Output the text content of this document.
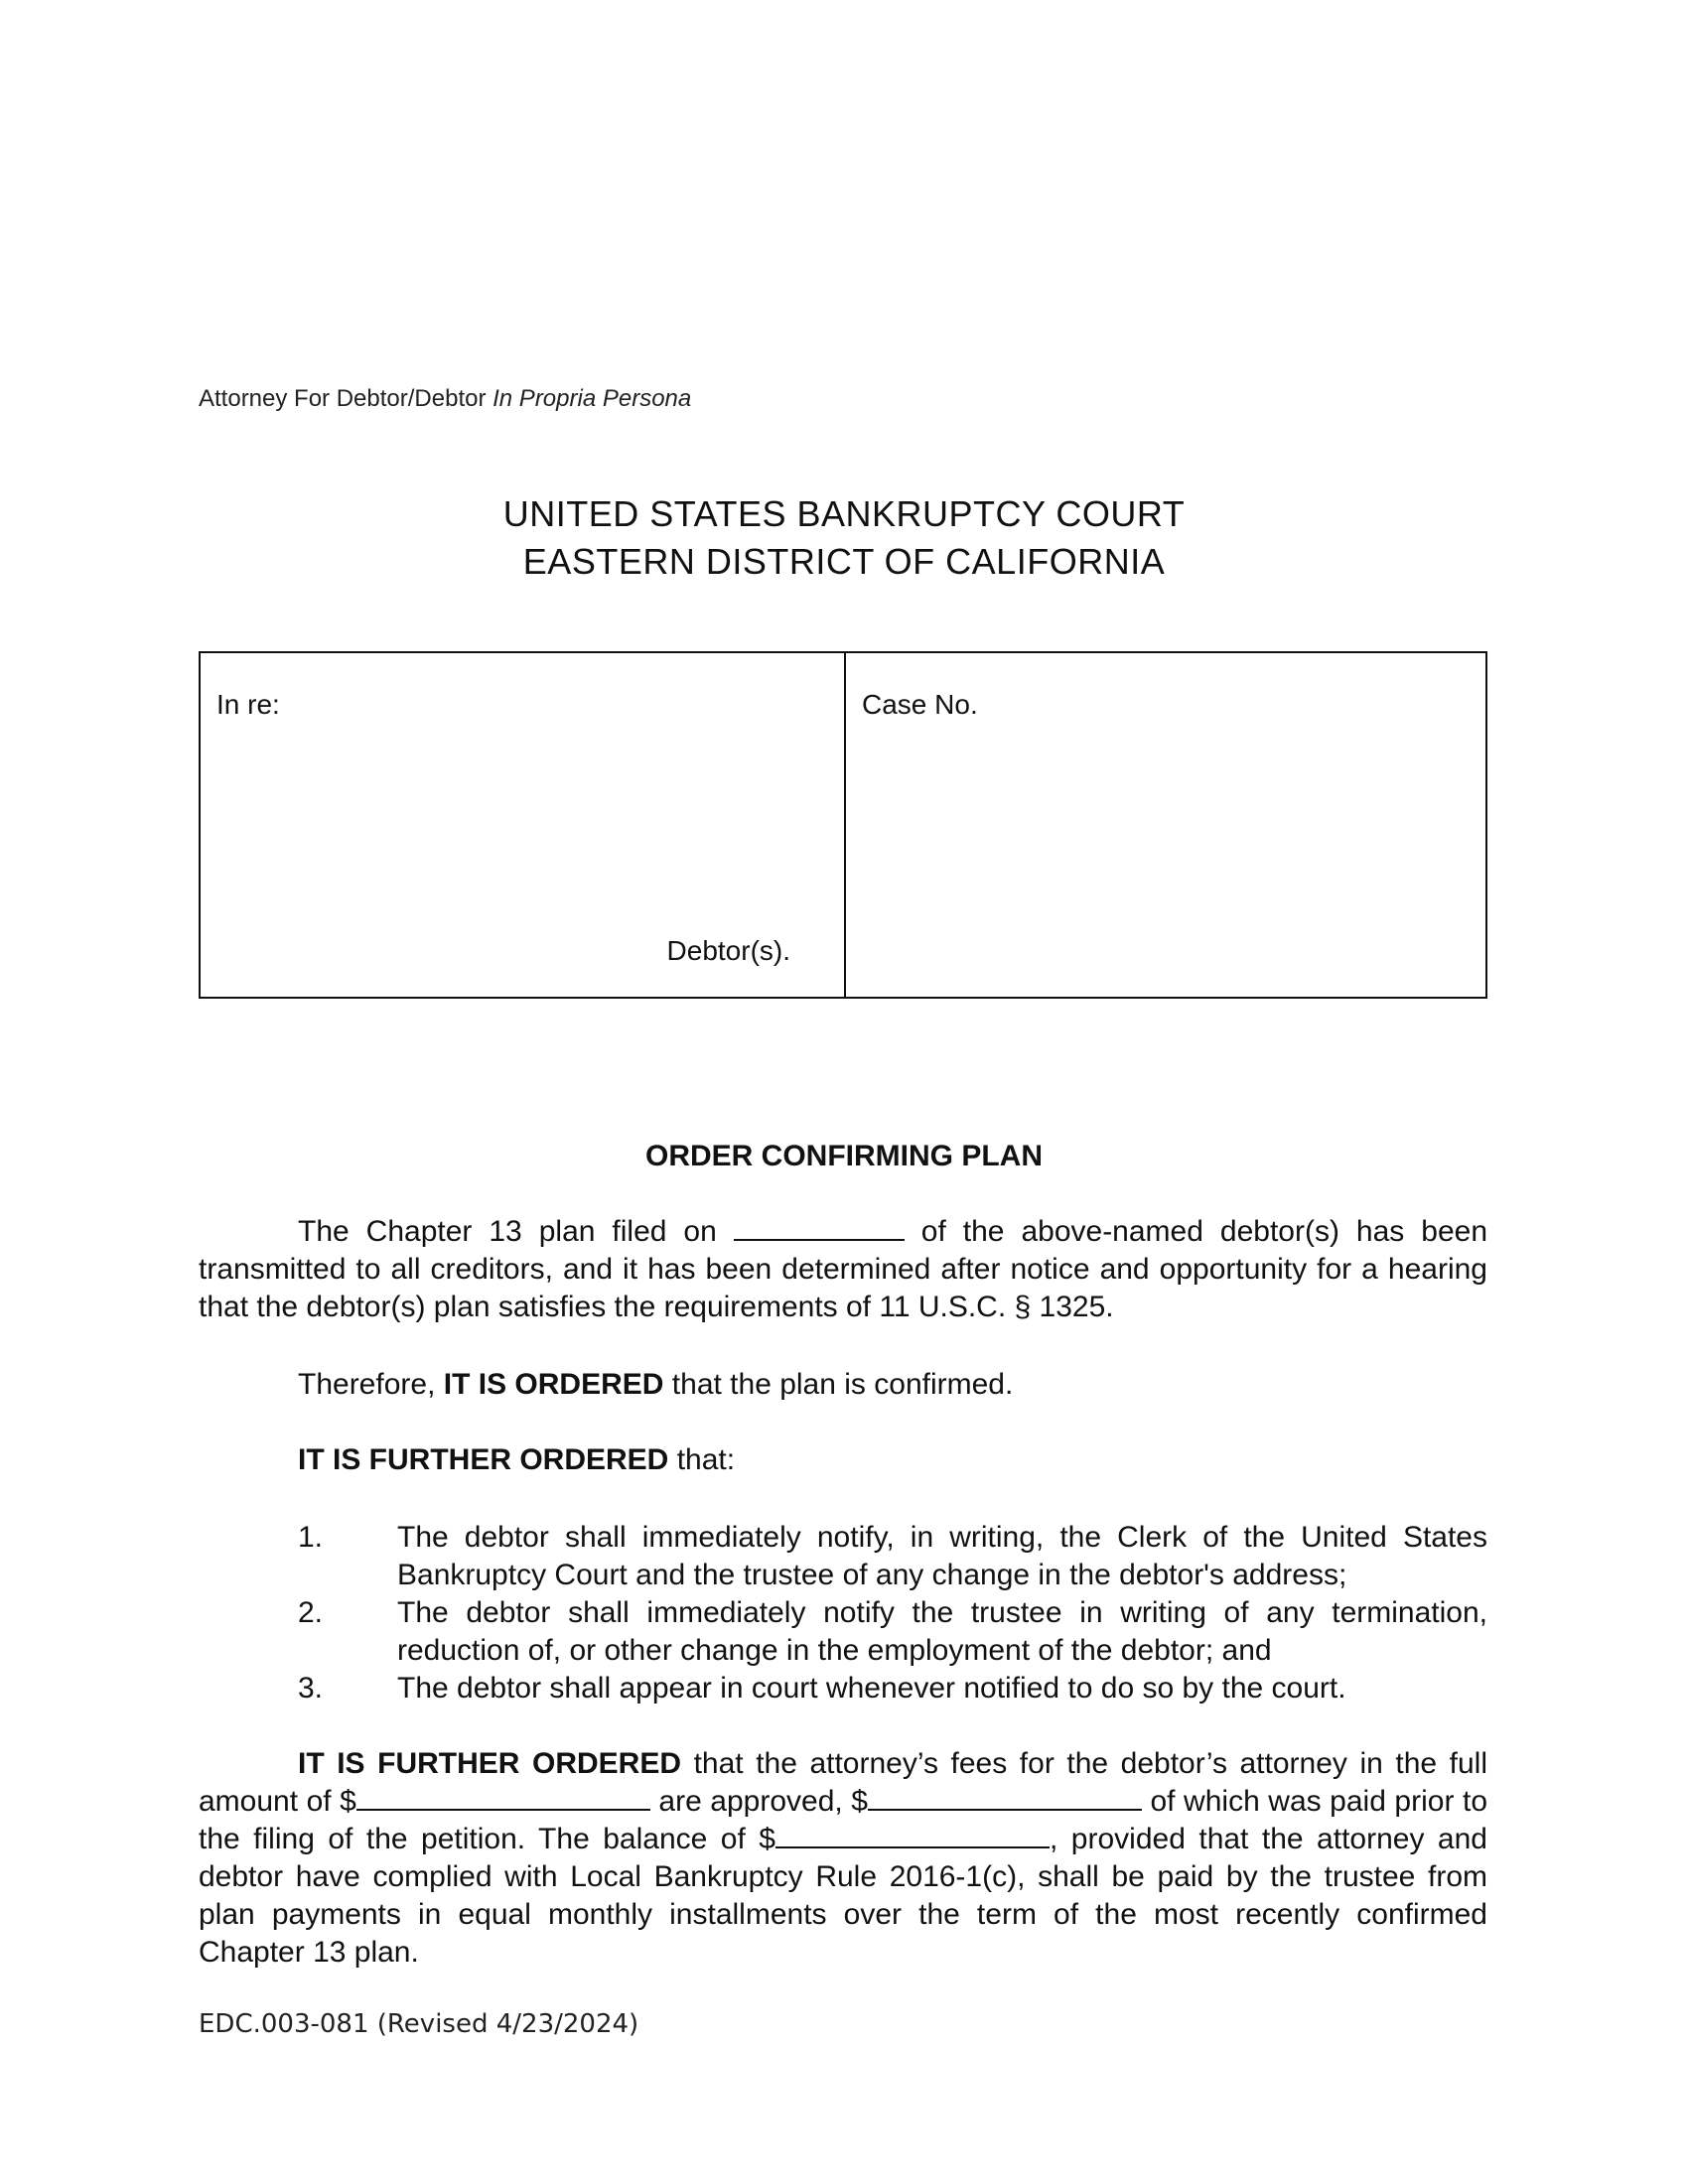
Attorney For Debtor/Debtor In Propria Persona
UNITED STATES BANKRUPTCY COURT
EASTERN DISTRICT OF CALIFORNIA
In re:
Debtor(s).
Case No.
ORDER CONFIRMING PLAN
The Chapter 13 plan filed on	of the above-named debtor(s) has been transmitted to all creditors, and it has been determined after notice and opportunity for a hearing that the debtor(s) plan satisfies the requirements of 11 U.S.C. § 1325.
Therefore, IT IS ORDERED that the plan is confirmed.
IT IS FURTHER ORDERED that:
1.	The debtor shall immediately notify, in writing, the Clerk of the United States Bankruptcy Court and the trustee of any change in the debtor's address;
2.	The debtor shall immediately notify the trustee in writing of any termination, reduction of, or other change in the employment of the debtor; and
3.	The debtor shall appear in court whenever notified to do so by the court.
IT IS FURTHER ORDERED that the attorney’s fees for the debtor’s attorney in the full amount of $	are approved, $	of which was paid prior to the filing of the petition. The balance of $	, provided that the attorney and debtor have complied with Local Bankruptcy Rule 2016-1(c), shall be paid by the trustee from plan payments in equal monthly installments over the term of the most recently confirmed Chapter 13 plan.
EDC.003-081 (Revised 4/23/2024)
